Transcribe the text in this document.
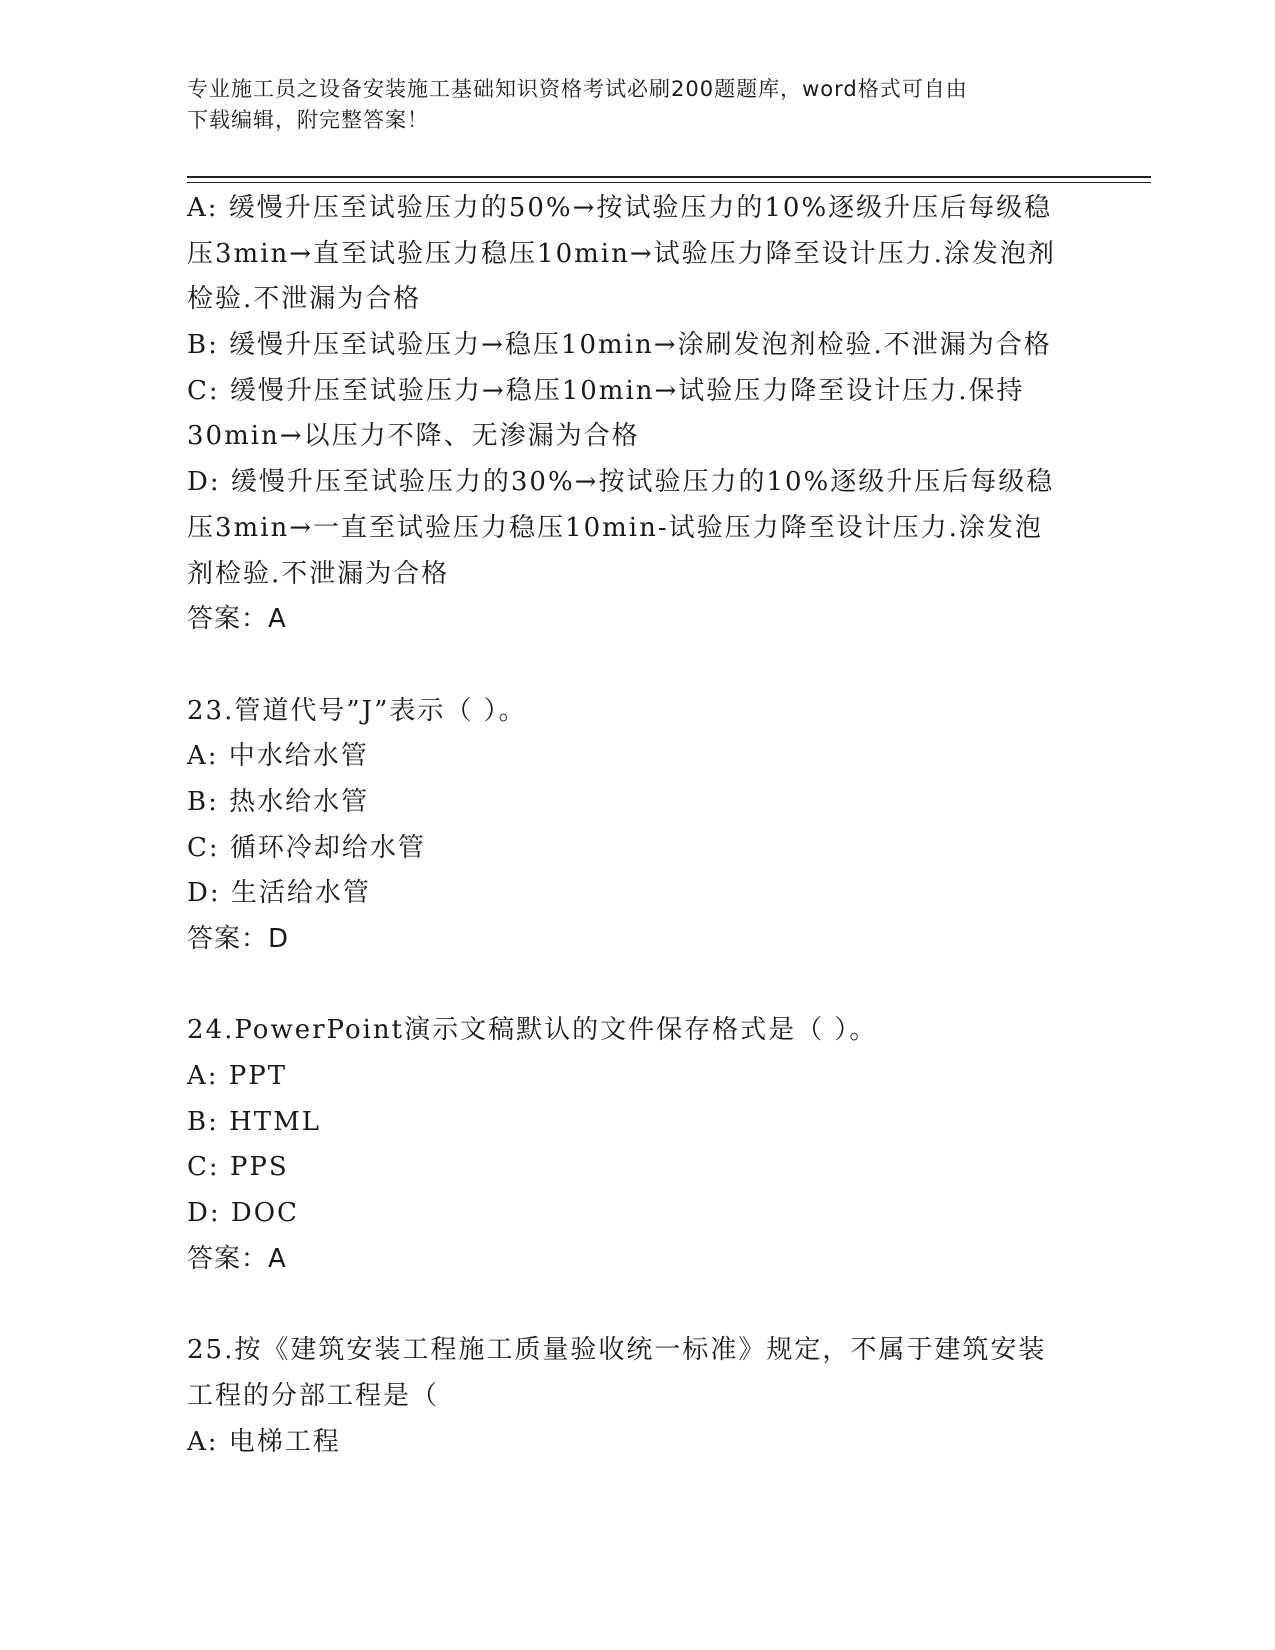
专业施工员之设备安装施工基础知识资格考试必刷200题题库，word格式可自由
下载编辑，附完整答案！
A: 缓慢升压至试验压力的50%→按试验压力的10%逐级升压后每级稳
压3min→直至试验压力稳压10min→试验压力降至设计压力.涂发泡剂
检验.不泄漏为合格
B: 缓慢升压至试验压力→稳压10min→涂刷发泡剂检验.不泄漏为合格
C: 缓慢升压至试验压力→稳压10min→试验压力降至设计压力.保持
30min→以压力不降、无渗漏为合格
D: 缓慢升压至试验压力的30%→按试验压力的10%逐级升压后每级稳
压3min→一直至试验压力稳压10min-试验压力降至设计压力.涂发泡
剂检验.不泄漏为合格
答案：A
23.管道代号”J”表示（ ）。
A: 中水给水管
B: 热水给水管
C: 循环冷却给水管
D: 生活给水管
答案：D
24.PowerPoint演示文稿默认的文件保存格式是（ ）。
A: PPT
B: HTML
C: PPS
D: DOC
答案：A
25.按《建筑安装工程施工质量验收统一标准》规定，不属于建筑安装
工程的分部工程是（
A: 电梯工程
